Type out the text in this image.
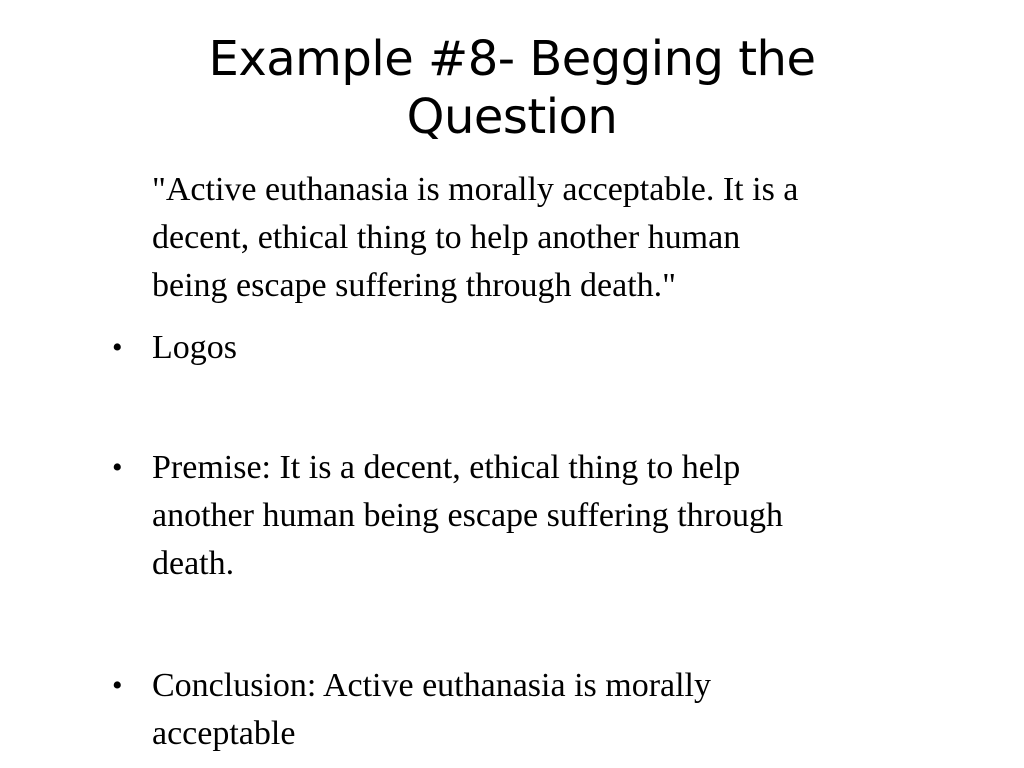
Example #8- Begging the
Question
"Active euthanasia is morally acceptable. It is a
decent, ethical thing to help another human
being escape suffering through death."
• Logos
• Premise: It is a decent, ethical thing to help
another human being escape suffering through
death.
• Conclusion: Active euthanasia is morally
acceptable
